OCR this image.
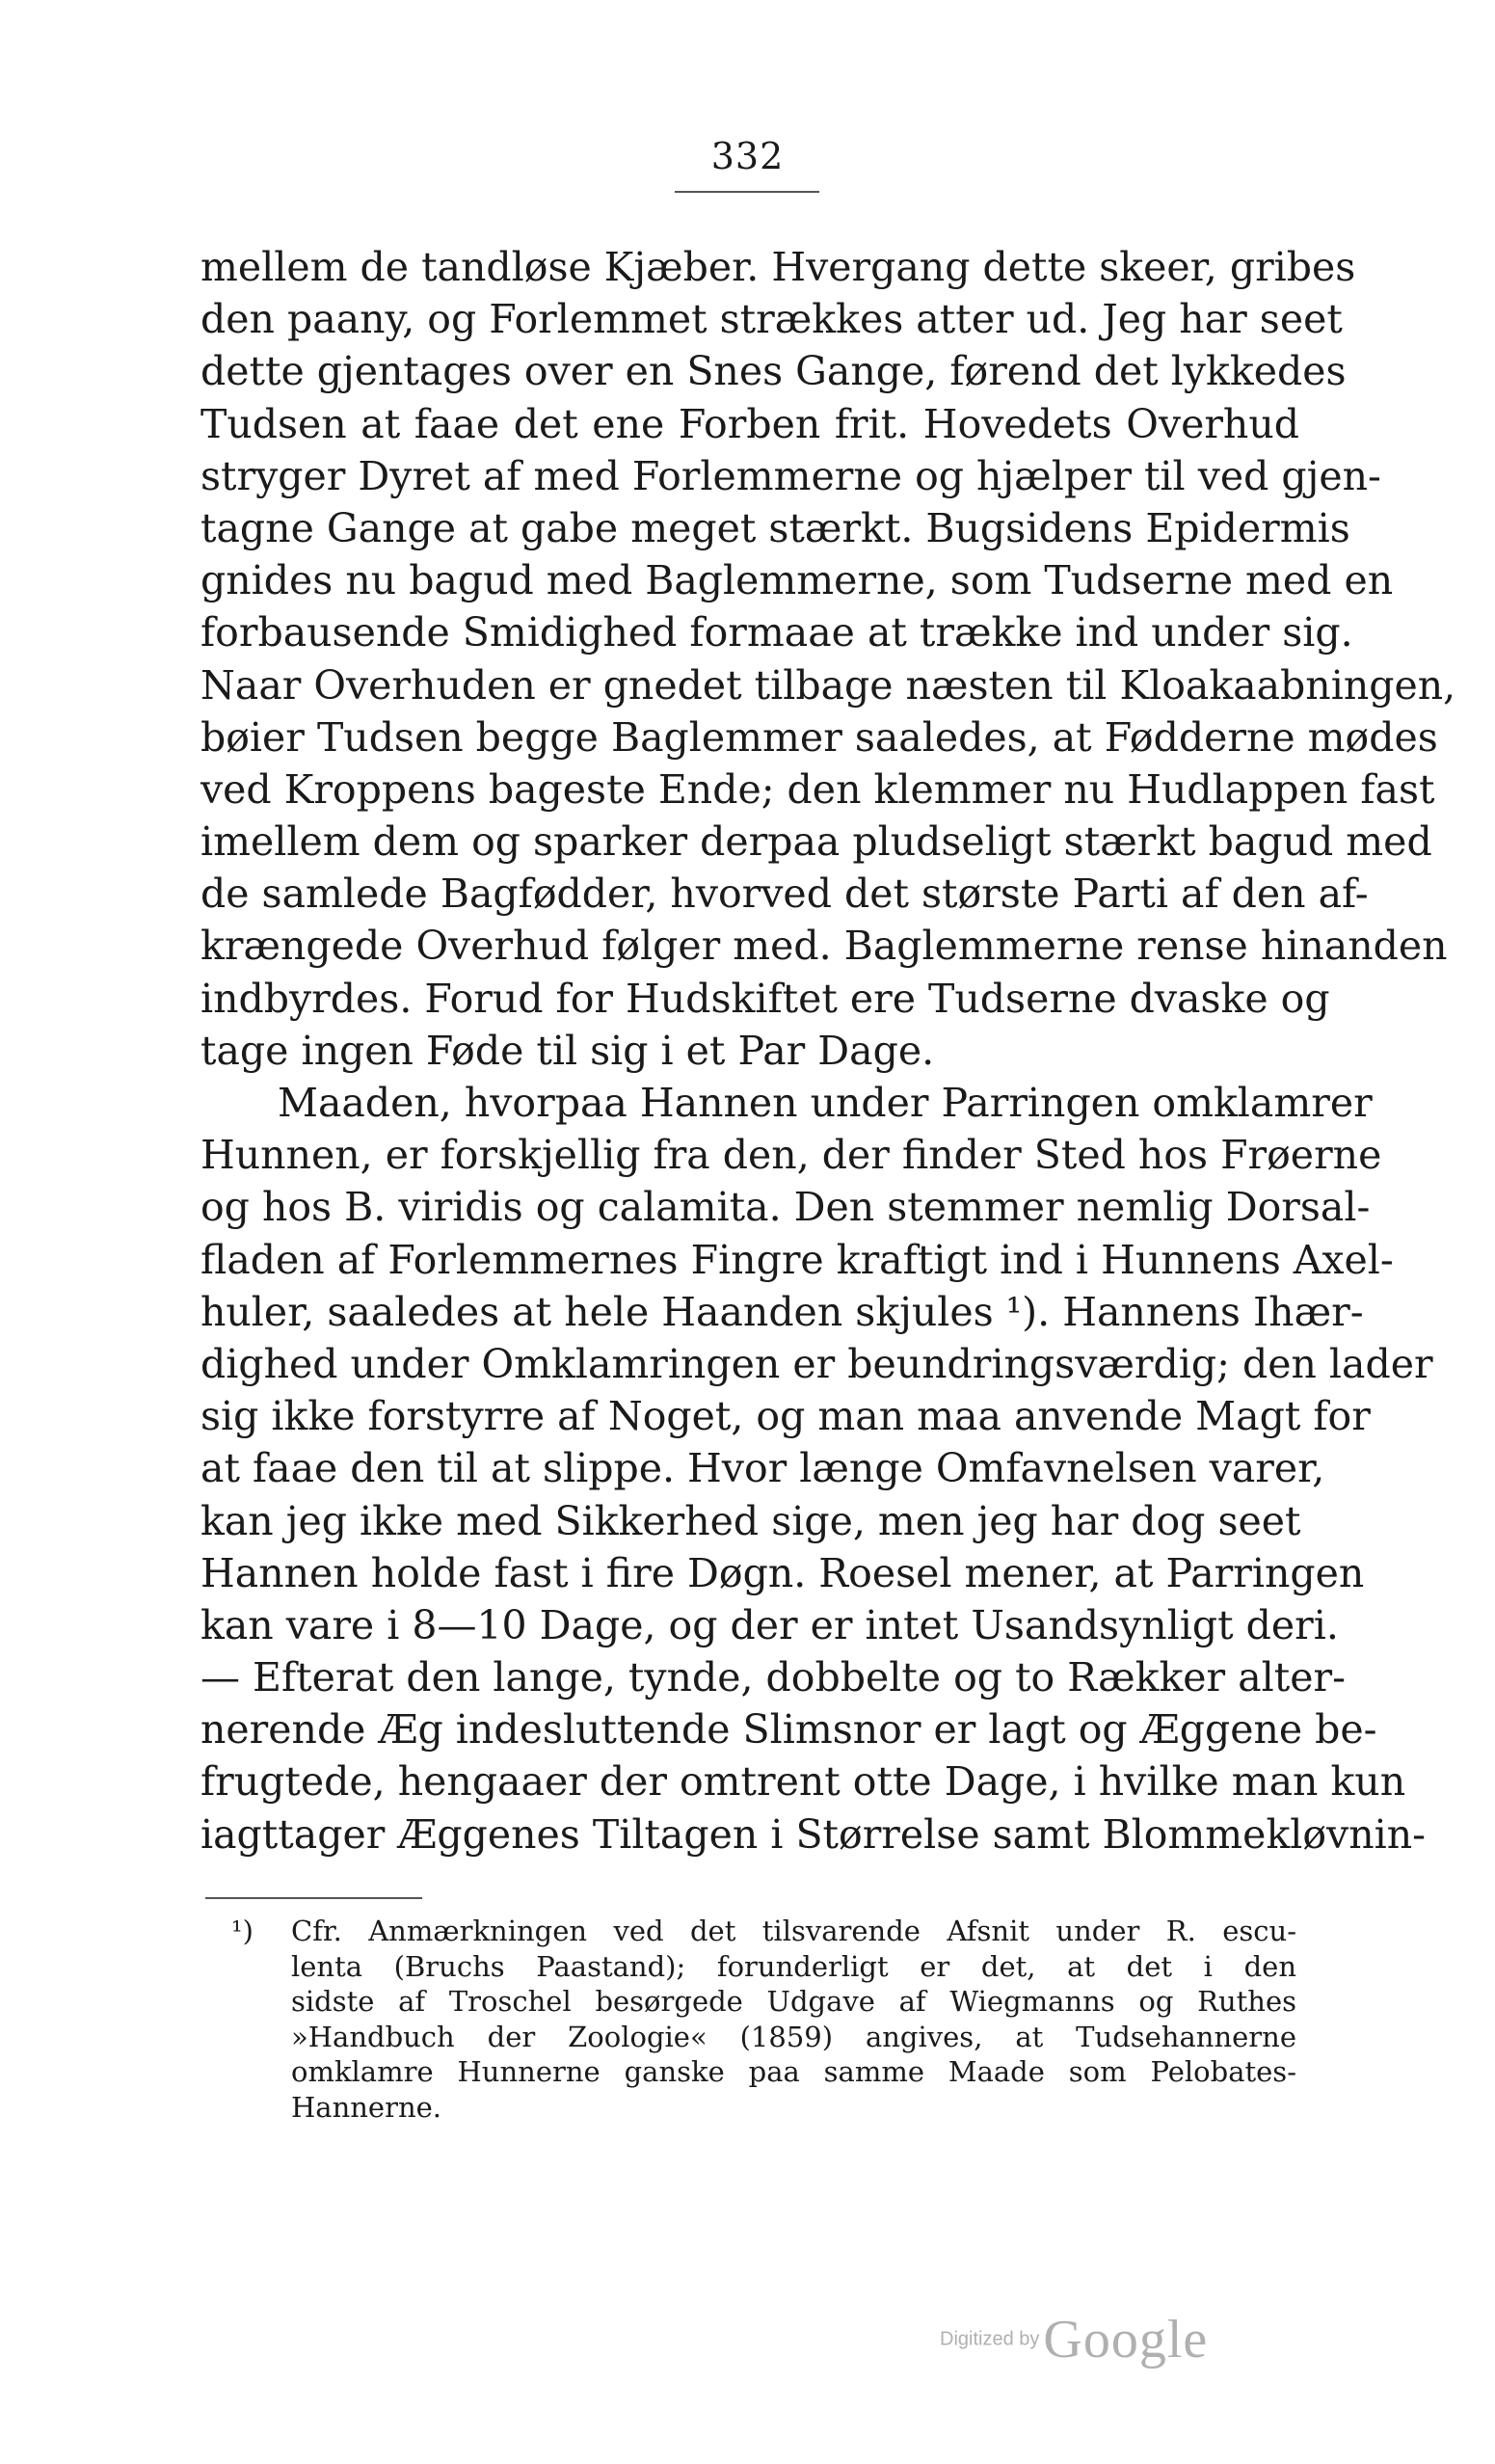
332
mellem de tandløse Kjæber. Hvergang dette skeer, gribes
den paany, og Forlemmet strækkes atter ud. Jeg har seet
dette gjentages over en Snes Gange, førend det lykkedes
Tudsen at faae det ene Forben frit. Hovedets Overhud
stryger Dyret af med Forlemmerne og hjælper til ved gjen-
tagne Gange at gabe meget stærkt. Bugsidens Epidermis
gnides nu bagud med Baglemmerne, som Tudserne med en
forbausende Smidighed formaae at trække ind under sig.
Naar Overhuden er gnedet tilbage næsten til Kloakaabningen,
bøier Tudsen begge Baglemmer saaledes, at Fødderne mødes
ved Kroppens bageste Ende; den klemmer nu Hudlappen fast
imellem dem og sparker derpaa pludseligt stærkt bagud med
de samlede Bagfødder, hvorved det største Parti af den af-
krængede Overhud følger med. Baglemmerne rense hinanden
indbyrdes. Forud for Hudskiftet ere Tudserne dvaske og
tage ingen Føde til sig i et Par Dage.
Maaden, hvorpaa Hannen under Parringen omklamrer
Hunnen, er forskjellig fra den, der finder Sted hos Frøerne
og hos B. viridis og calamita. Den stemmer nemlig Dorsal-
fladen af Forlemmernes Fingre kraftigt ind i Hunnens Axel-
huler, saaledes at hele Haanden skjules ¹). Hannens Ihær-
dighed under Omklamringen er beundringsværdig; den lader
sig ikke forstyrre af Noget, og man maa anvende Magt for
at faae den til at slippe. Hvor længe Omfavnelsen varer,
kan jeg ikke med Sikkerhed sige, men jeg har dog seet
Hannen holde fast i fire Døgn. Roesel mener, at Parringen
kan vare i 8—10 Dage, og der er intet Usandsynligt deri.
— Efterat den lange, tynde, dobbelte og to Rækker alter-
nerende Æg indesluttende Slimsnor er lagt og Æggene be-
frugtede, hengaaer der omtrent otte Dage, i hvilke man kun
iagttager Æggenes Tiltagen i Størrelse samt Blommekløvnin-
¹) Cfr. Anmærkningen ved det tilsvarende Afsnit under R. escu-
lenta (Bruchs Paastand); forunderligt er det, at det i den
sidste af Troschel besørgede Udgave af Wiegmanns og Ruthes
»Handbuch der Zoologie« (1859) angives, at Tudsehannerne
omklamre Hunnerne ganske paa samme Maade som Pelobates-
Hannerne.
Digitized by Google
